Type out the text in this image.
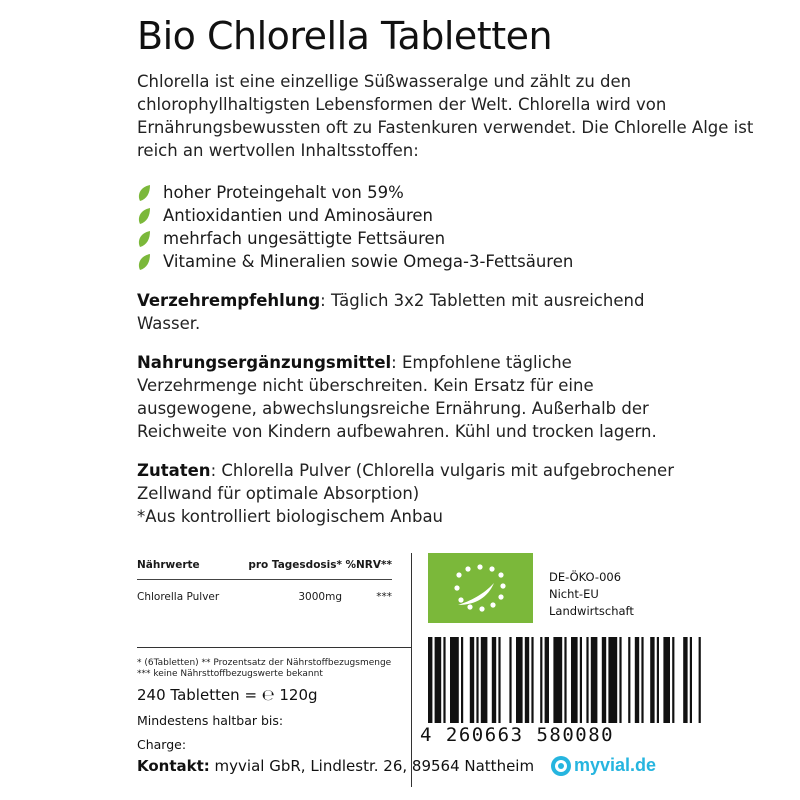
Bio Chlorella Tabletten

Chlorella ist eine einzellige Süßwasseralge und zählt zu den chlorophyllhaltigsten Lebensformen der Welt. Chlorella wird von Ernährungsbewussten oft zu Fastenkuren verwendet. Die Chlorelle Alge ist reich an wertvollen Inhaltsstoffen:

hoher Proteingehalt von 59%
Antioxidantien und Aminosäuren
mehrfach ungesättigte Fettsäuren
Vitamine & Mineralien sowie Omega-3-Fettsäuren

Verzehrempfehlung: Täglich 3x2 Tabletten mit ausreichend Wasser.

Nahrungsergänzungsmittel: Empfohlene tägliche Verzehrmenge nicht überschreiten. Kein Ersatz für eine ausgewogene, abwechslungsreiche Ernährung. Außerhalb der Reichweite von Kindern aufbewahren. Kühl und trocken lagern.

Zutaten: Chlorella Pulver (Chlorella vulgaris mit aufgebrochener Zellwand für optimale Absorption)

*Aus kontrolliert biologischem Anbau

Nährwerte	pro Tagesdosis* %NRV**
Chlorella Pulver	3000mg	***
* (6Tabletten) ** Prozentsatz der Nährstoffbezugsmenge
*** keine Nährsttoffbezugswerte bekannt
240 Tabletten = ℮ 120g
Mindestens haltbar bis:
Charge:
DE-ÖKO-006
Nicht-EU
Landwirtschaft
4 260663 580080
Kontakt: myvial GbR, Lindlestr. 26, 89564 Nattheim myvial.de
